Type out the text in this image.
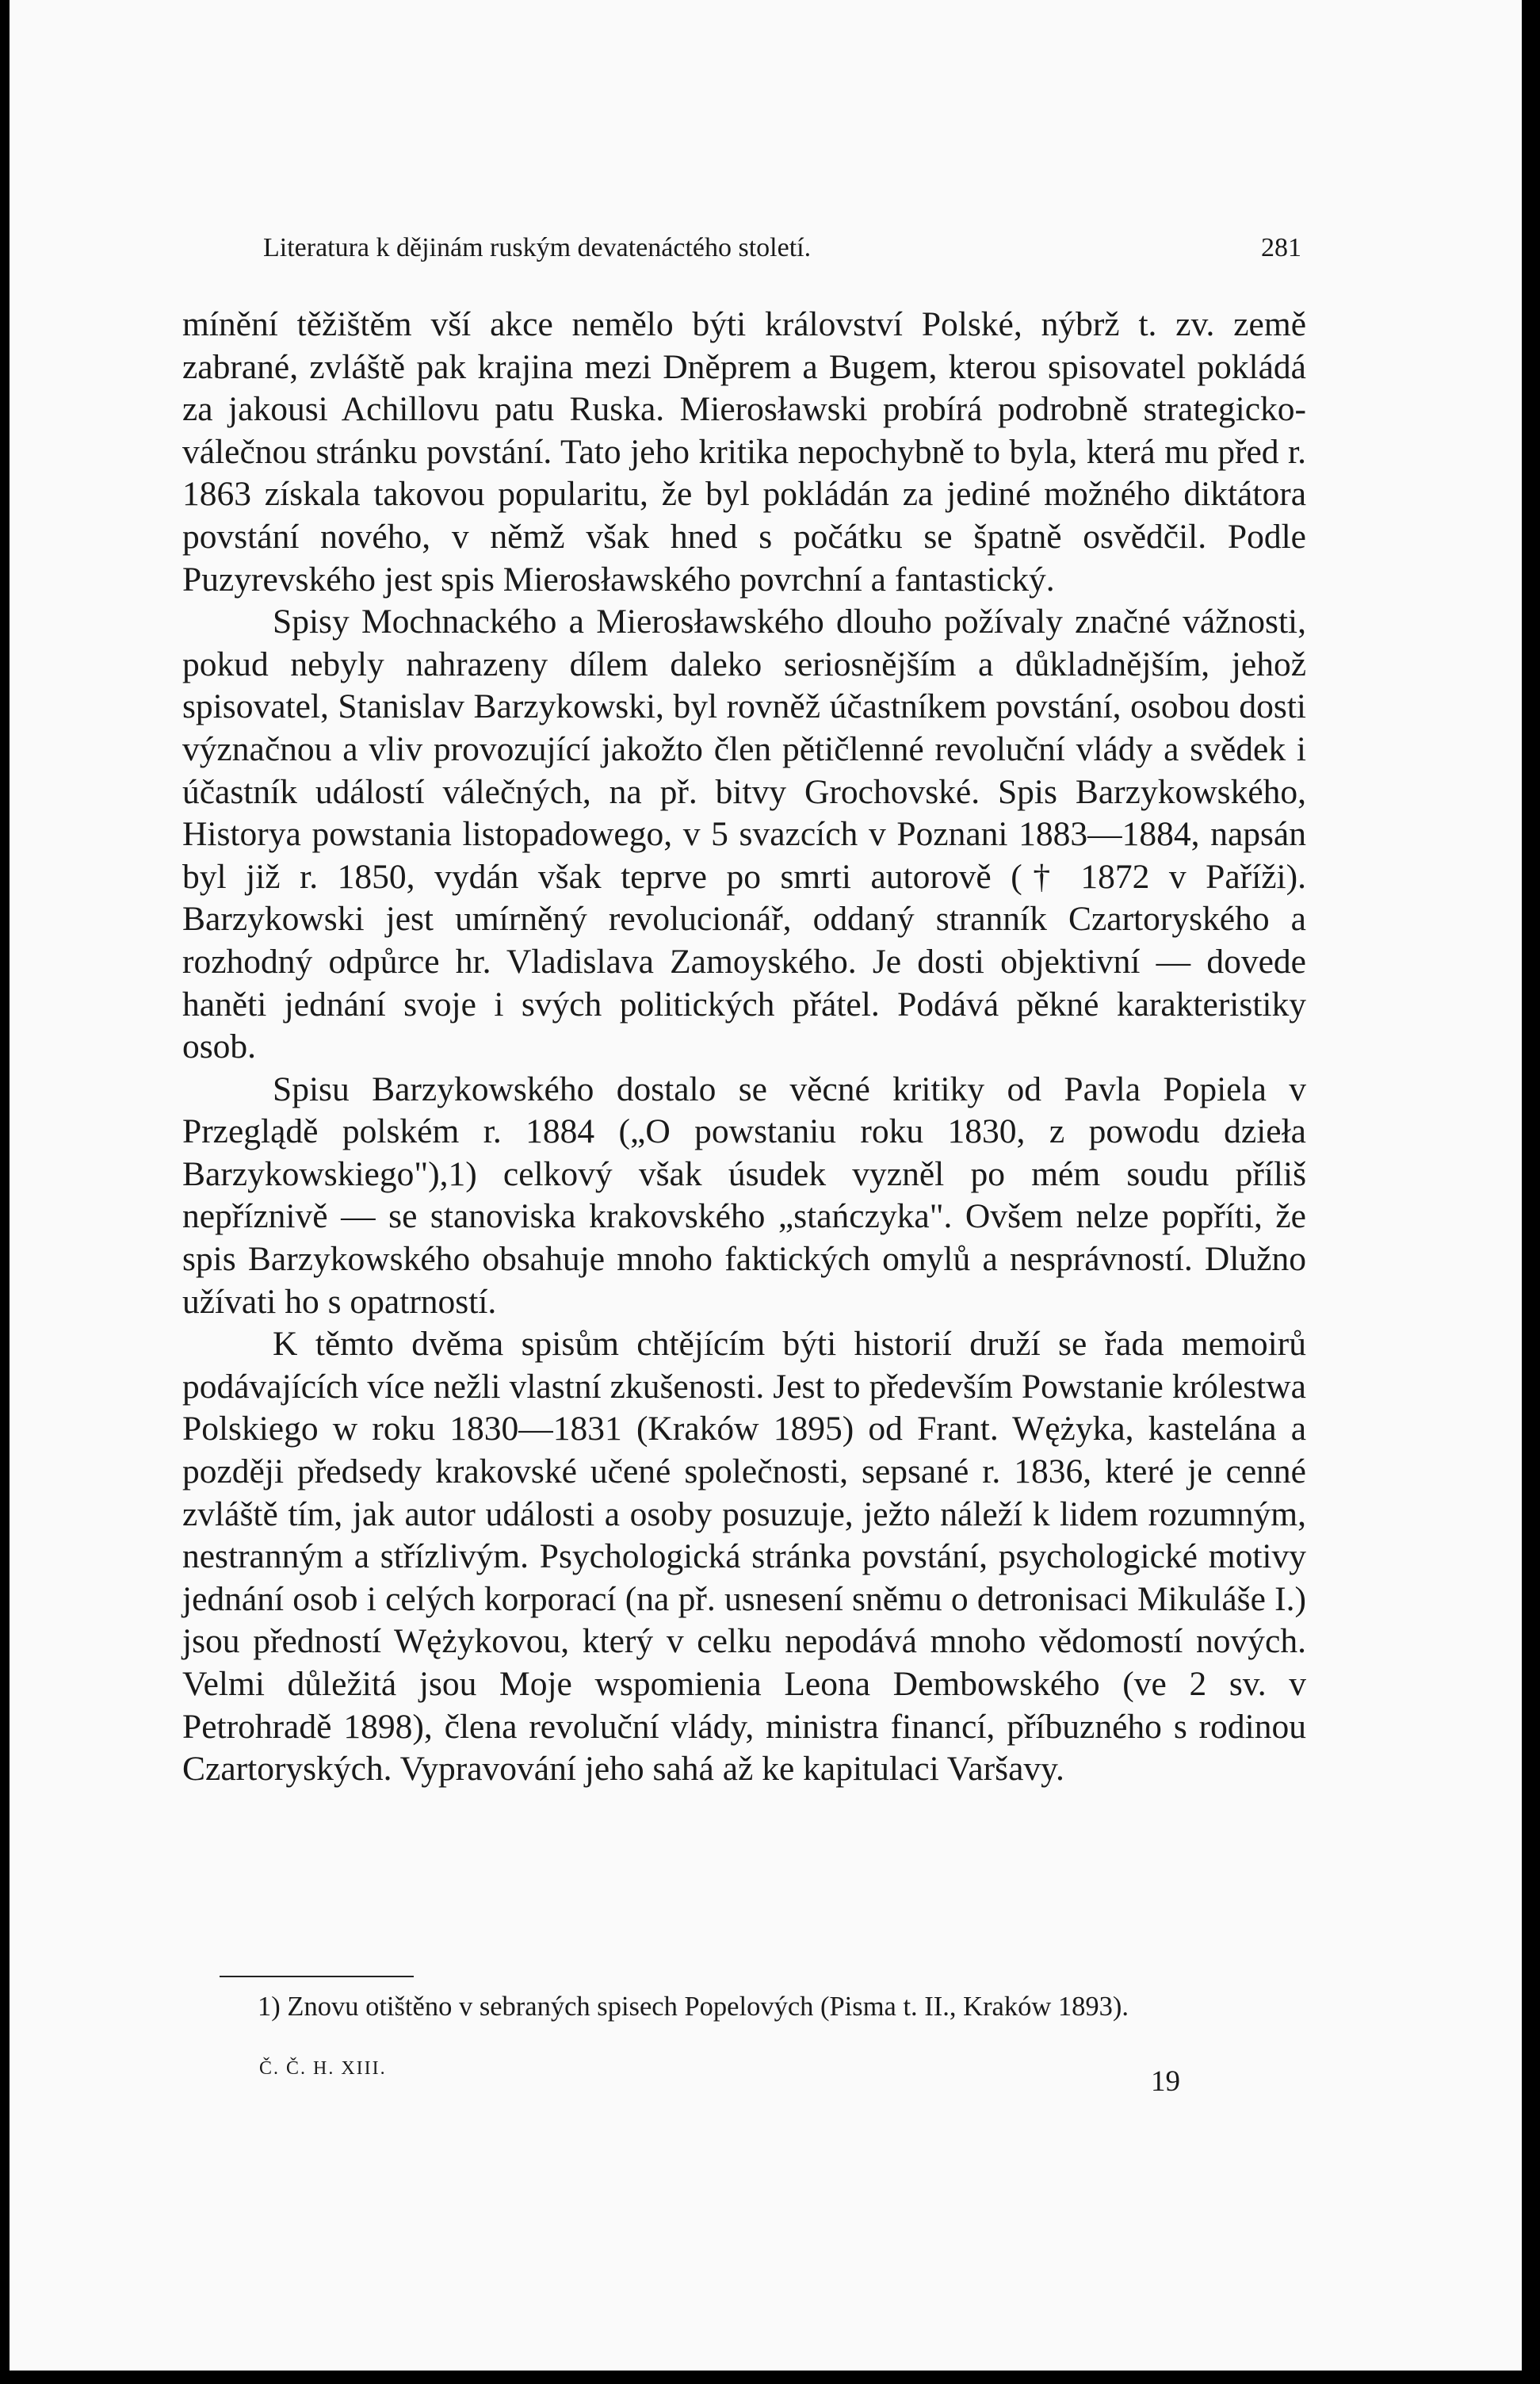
Literatura k dějinám ruským devatenáctého století.	281

mínění těžištěm vší akce nemělo býti království Polské, nýbrž t. zv. země zabrané, zvláště pak krajina mezi Dněprem a Bugem, kterou spisovatel pokládá za jakousi Achillovu patu Ruska. Mierosławski probírá podrobně strategicko-válečnou stránku povstání. Tato jeho kritika nepochybně to byla, která mu před r. 1863 získala takovou popularitu, že byl pokládán za jediné možného diktátora povstání nového, v němž však hned s počátku se špatně osvědčil. Podle Puzyrevského jest spis Mierosławského povrchní a fantastický.

Spisy Mochnackého a Mierosławského dlouho požívaly značné vážnosti, pokud nebyly nahrazeny dílem daleko seriosnějším a důkladnějším, jehož spisovatel, Stanislav Barzykowski, byl rovněž účastníkem povstání, osobou dosti význačnou a vliv provozující jakožto člen pětičlenné revoluční vlády a svědek i účastník událostí válečných, na př. bitvy Grochovské. Spis Barzykowského, Historya powstania listopadowego, v 5 svazcích v Poznani 1883—1884, napsán byl již r. 1850, vydán však teprve po smrti autorově († 1872 v Paříži). Barzykowski jest umírněný revolucionář, oddaný stranník Czartoryského a rozhodný odpůrce hr. Vladislava Zamoyského. Je dosti objektivní — dovede haněti jednání svoje i svých politických přátel. Podává pěkné karakteristiky osob.

Spisu Barzykowského dostalo se věcné kritiky od Pavla Popiela v Przeglądě polském r. 1884 („O powstaniu roku 1830, z powodu dzieła Barzykowskiego"),1) celkový však úsudek vyzněl po mém soudu příliš nepříznivě — se stanoviska krakovského „stańczyka". Ovšem nelze popříti, že spis Barzykowského obsahuje mnoho faktických omylů a nesprávností. Dlužno užívati ho s opatrností.

K těmto dvěma spisům chtějícím býti historií druží se řada memoirů podávajících více nežli vlastní zkušenosti. Jest to především Powstanie królestwa Polskiego w roku 1830—1831 (Kraków 1895) od Frant. Wężyka, kastelána a později předsedy krakovské učené společnosti, sepsané r. 1836, které je cenné zvláště tím, jak autor události a osoby posuzuje, ježto náleží k lidem rozumným, nestranným a střízlivým. Psychologická stránka povstání, psychologické motivy jednání osob i celých korporací (na př. usnesení sněmu o detronisaci Mikuláše I.) jsou předností Wężykovou, který v celku nepodává mnoho vědomostí nových. Velmi důležitá jsou Moje wspomienia Leona Dembowského (ve 2 sv. v Petrohradě 1898), člena revoluční vlády, ministra financí, příbuzného s rodinou Czartoryských. Vypravování jeho sahá až ke kapitulaci Varšavy.

1) Znovu otištěno v sebraných spisech Popelových (Pisma t. II., Kraków 1893).

Č. Č. H. XIII.	19
